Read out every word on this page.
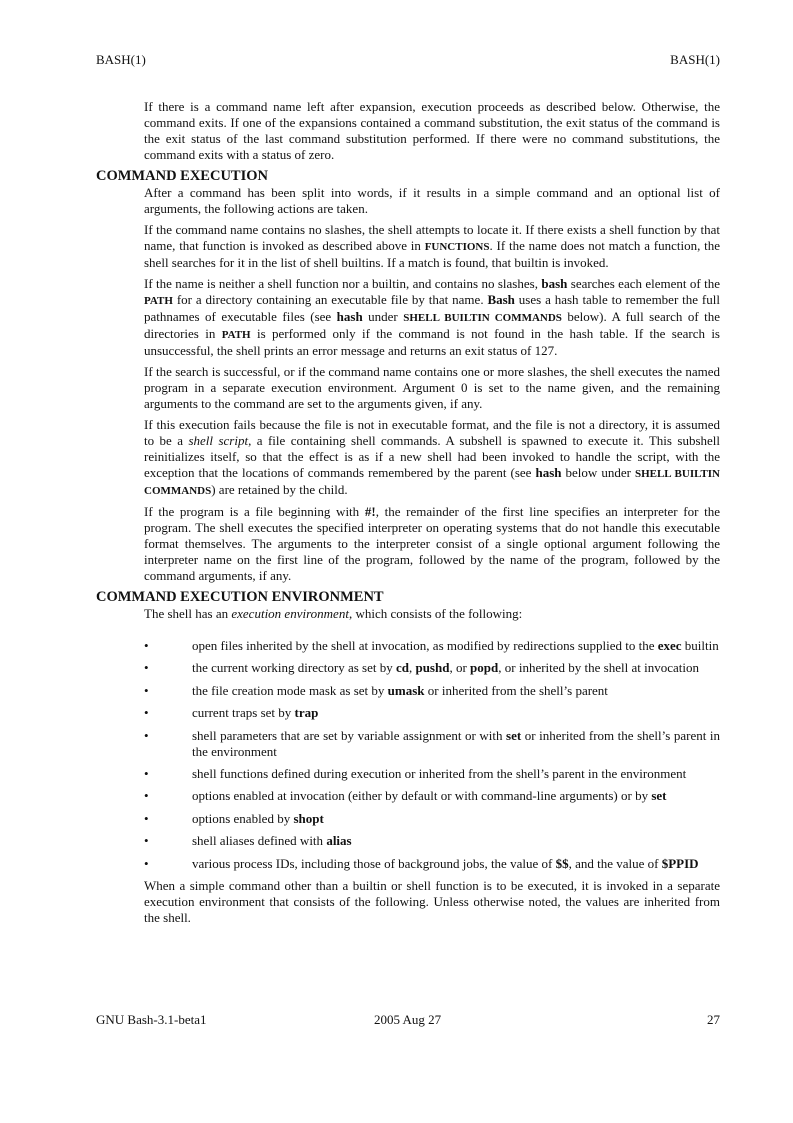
BASH(1)	BASH(1)

If there is a command name left after expansion, execution proceeds as described below. Otherwise, the command exits. If one of the expansions contained a command substitution, the exit status of the command is the exit status of the last command substitution performed. If there were no command substitutions, the command exits with a status of zero.

COMMAND EXECUTION

After a command has been split into words, if it results in a simple command and an optional list of arguments, the following actions are taken.

If the command name contains no slashes, the shell attempts to locate it. If there exists a shell function by that name, that function is invoked as described above in FUNCTIONS. If the name does not match a function, the shell searches for it in the list of shell builtins. If a match is found, that builtin is invoked.

If the name is neither a shell function nor a builtin, and contains no slashes, bash searches each element of the PATH for a directory containing an executable file by that name. Bash uses a hash table to remember the full pathnames of executable files (see hash under SHELL BUILTIN COMMANDS below). A full search of the directories in PATH is performed only if the command is not found in the hash table. If the search is unsuccessful, the shell prints an error message and returns an exit status of 127.

If the search is successful, or if the command name contains one or more slashes, the shell executes the named program in a separate execution environment. Argument 0 is set to the name given, and the remaining arguments to the command are set to the arguments given, if any.

If this execution fails because the file is not in executable format, and the file is not a directory, it is assumed to be a shell script, a file containing shell commands. A subshell is spawned to execute it. This subshell reinitializes itself, so that the effect is as if a new shell had been invoked to handle the script, with the exception that the locations of commands remembered by the parent (see hash below under SHELL BUILTIN COMMANDS) are retained by the child.

If the program is a file beginning with #!, the remainder of the first line specifies an interpreter for the program. The shell executes the specified interpreter on operating systems that do not handle this executable format themselves. The arguments to the interpreter consist of a single optional argument following the interpreter name on the first line of the program, followed by the name of the program, followed by the command arguments, if any.

COMMAND EXECUTION ENVIRONMENT

The shell has an execution environment, which consists of the following:

•	open files inherited by the shell at invocation, as modified by redirections supplied to the exec builtin
•	the current working directory as set by cd, pushd, or popd, or inherited by the shell at invocation
•	the file creation mode mask as set by umask or inherited from the shell’s parent
•	current traps set by trap
•	shell parameters that are set by variable assignment or with set or inherited from the shell’s parent in the environment
•	shell functions defined during execution or inherited from the shell’s parent in the environment
•	options enabled at invocation (either by default or with command-line arguments) or by set
•	options enabled by shopt
•	shell aliases defined with alias
•	various process IDs, including those of background jobs, the value of $$, and the value of $PPID

When a simple command other than a builtin or shell function is to be executed, it is invoked in a separate execution environment that consists of the following. Unless otherwise noted, the values are inherited from the shell.

GNU Bash-3.1-beta1	2005 Aug 27	27
